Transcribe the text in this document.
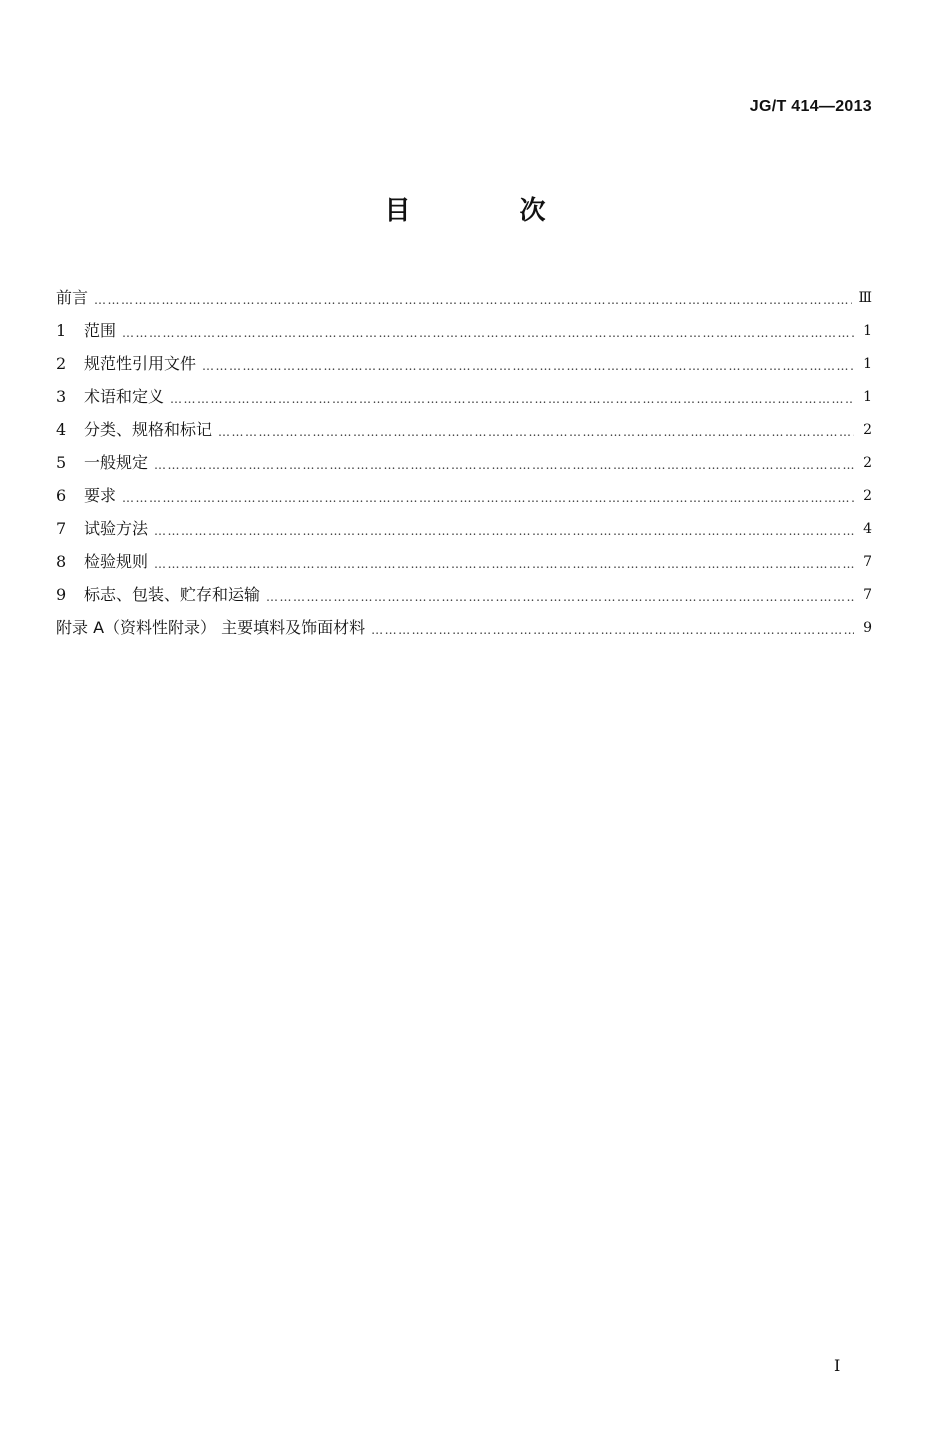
JG/T 414—2013
目 次
前言 ……………………………………………………………………………………………………………………………………………………………………	Ⅲ
1	范围 ……………………………………………………………………………………………………………………………………………………………………	1
2	规范性引用文件 ……………………………………………………………………………………………………………………………………………………………………	1
3	术语和定义 ……………………………………………………………………………………………………………………………………………………………………	1
4	分类、规格和标记 ……………………………………………………………………………………………………………………………………………………………………	2
5	一般规定 ……………………………………………………………………………………………………………………………………………………………………	2
6	要求 ……………………………………………………………………………………………………………………………………………………………………	2
7	试验方法 ……………………………………………………………………………………………………………………………………………………………………	4
8	检验规则 ……………………………………………………………………………………………………………………………………………………………………	7
9	标志、包装、贮存和运输 ……………………………………………………………………………………………………………………………………………………………………	7
附录 A（资料性附录） 主要填料及饰面材料 ……………………………………………………………………………………………………………………………………………………………………	9
I
